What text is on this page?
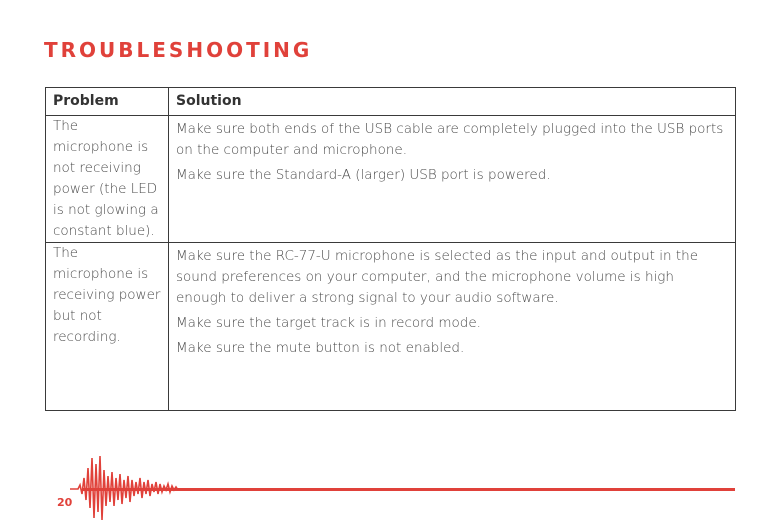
TROUBLESHOOTING
Problem	Solution
The microphone is not receiving power (the LED is not glowing a constant blue).	Make sure both ends of the USB cable are completely plugged into the USB ports on the computer and microphone.

Make sure the Standard-A (larger) USB port is powered.

The microphone is receiving power but not recording.	Make sure the RC-77-U microphone is selected as the input and output in the sound preferences on your computer, and the microphone volume is high enough to deliver a strong signal to your audio software.

Make sure the target track is in record mode.

Make sure the mute button is not enabled.

20
